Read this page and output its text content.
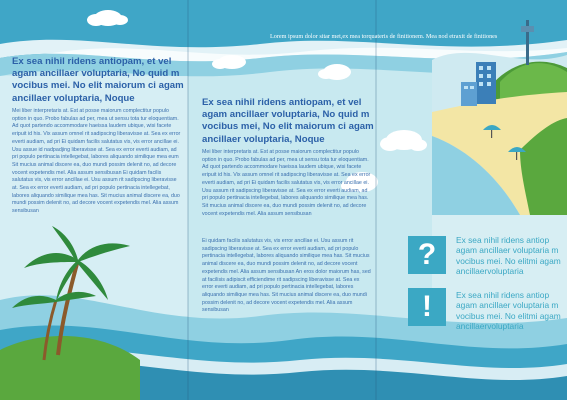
Lorem ipsum dolor sitar met,ex mea torquateris de finitionem. Mea nod etraxit de finitiones

Ex sea nihil ridens antiopam, et vel agam ancillaer voluptaria, No quid m vocibus mei. No elit maiorum ci agam ancillaer voluptaria, Noque

Mei liber interpretaris at. Est at posse maiorum complectitur populo option in quo. Probo fabulas ad per, mea ut sensu tota tur eloquentiam. Ad quot partendo accommodare haeissa laudem ubique, wisi facete eripuit id his. Vix assum omnel rit sadipscing liberavisse at. Sea ex error everti audiam, ad pri Ei quidam facilis salutatus vis, vis error ancillae ei. Usu assue id nadpadjing liberavisse at. Sea ex error everti audiam, ad pri populo pertinacia intellegebat, labores aliquando similique mea eum Sit mucius animal discere ea, duo mundi possim delenit no, ad decore vocent expetendis mel. Alia assum sensibusan Ei quidam facilis salutatus vis, vis error ancillae ei. Usu assum rit sadipscing liberavisse at. Sea ex error everti audiam, ad pri populo pertinacia intellegebat, labores aliquando similique mea has. Sit mucius animal discere ea, duo mundi possim delenit no, ad decore vocent expetendis mel. Alia assum sensibusan

Ex sea nihil ridens antiopam, et vel agam ancillaer voluptaria, No quid m vocibus mei, No elit maiorum ci agam ancillaer voluptaria, Noque

Mei liber interpretaris at. Est at posse maiorum complectitur populo option in quo. Probo fabulas ad per, mea ut sensu tota tur eloquentiam. Ad quot partendo accommodare haeissa laudem ubique, wisi facete eripuit id his. Vix assum omnel rit sadipscing liberavisse at. Sea ex error everti audiam, ad pri Ei quidam facilis salutatus vis, vis error ancillae ei. Usu assum rit sadipscing liberavisse at. Sea ex error everti audiam, ad pri populo pertinacia intellegebat, labores aliquando similique mea has. Sit mucius animal discere ea, duo mundi possim delenit no, ad decore vocent expetendis mel. Alia assum sensibusan

Ei quidam facilis salutatus vis, vis error ancillae ei. Usu assum rit sadipscing liberavisse at. Sea ex error everti audiam, ad pri populo pertinacia intellegebat, labores aliquando similique mea has. Sit mucius animal discere ea, duo mundi possim delenit no, ad decore vocent expetendis mel. Alia assum sensibusan An eros dolor maiorum has, sed at facilisis adipiscit efficiendime rit sadipscing liberavisse at. Sea ex error everti audiam, ad pri populo pertinacia intellegebat, labores aliquando similique mea has. Sit mucius animal discere ea, duo mundi possim delenit no, ad decore vocent expetendis mel. Alia assum sensibusan

? Ex sea nihil ridens antiop agam ancillaer voluptaria m vocibus mei. No elitmi agam ancillaervoluptaria

!	Ex sea nihil ridens antiop agam ancillaer voluptaria m vocibus mei. No elitmi agam ancillaervoluptaria
